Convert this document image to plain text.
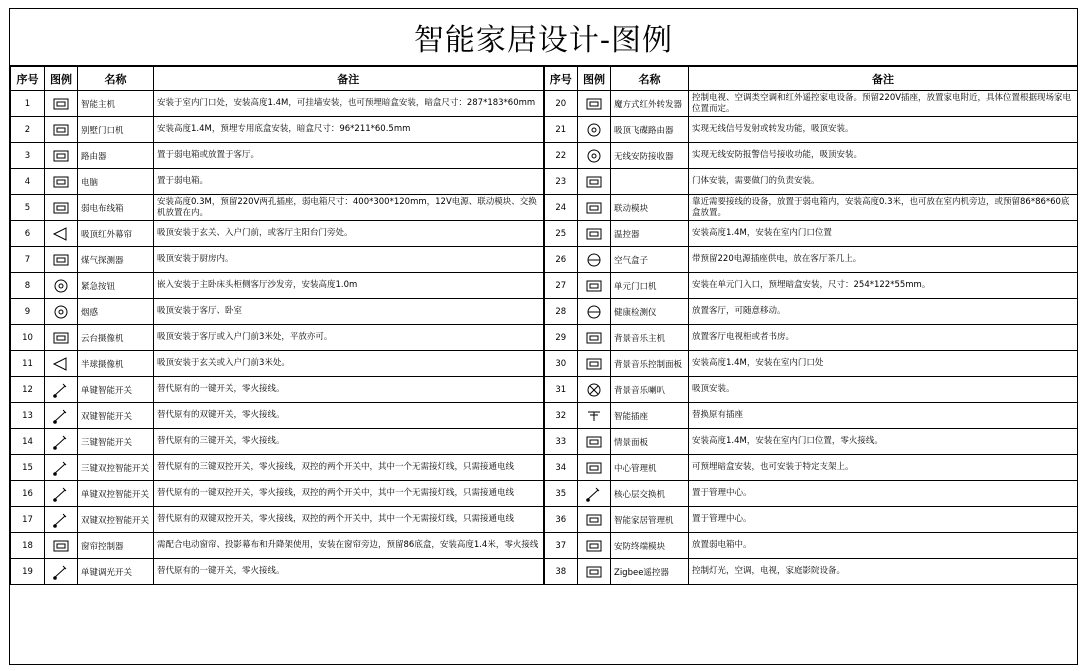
智能家居设计-图例
序号	图例	名称	备注	序号	图例	名称	备注
1		智能主机	安装于室内门口处，安装高度1.4M，可挂墙安装，也可预埋暗盒安装，暗盒尺寸：287*183*60mm	20		魔方式红外转发器	控制电视、空调类空调和红外遥控家电设备。预留220V插座，放置家电附近，具体位置根据现场家电位置而定。
2		别墅门口机	安装高度1.4M，预埋专用底盒安装，暗盒尺寸：96*211*60.5mm	21		吸顶飞碟路由器	实现无线信号发射或转发功能，吸顶安装。
3		路由器	置于弱电箱或放置于客厅。	22		无线安防接收器	实现无线安防报警信号接收功能，吸顶安装。
4		电脑	置于弱电箱。	23			门体安装，需要做门的负责安装。
5		弱电布线箱	安装高度0.3M，预留220V两孔插座，弱电箱尺寸：400*300*120mm，12V电源、联动模块、交换机放置在内。	24		联动模块	靠近需要接线的设备，放置于弱电箱内，安装高度0.3米，也可放在室内机旁边，或预留86*86*60底盒放置。
6		吸顶红外幕帘	吸顶安装于玄关、入户门前，或客厅主阳台门旁处。	25		温控器	安装高度1.4M，安装在室内门口位置
7		煤气探测器	吸顶安装于厨房内。	26		空气盒子	带预留220电源插座供电，放在客厅茶几上。
8		紧急按钮	嵌入安装于主卧床头柜侧客厅沙发旁，安装高度1.0m	27		单元门口机	安装在单元门入口，预埋暗盒安装，尺寸：254*122*55mm。
9		烟感	吸顶安装于客厅、卧室	28		健康检测仪	放置客厅，可随意移动。
10		云台摄像机	吸顶安装于客厅或入户门前3米处，平放亦可。	29		背景音乐主机	放置客厅电视柜或者书房。
11		半球摄像机	吸顶安装于玄关或入户门前3米处。	30		背景音乐控制面板	安装高度1.4M，安装在室内门口处
12		单键智能开关	替代原有的一键开关，零火接线。	31		背景音乐喇叭	吸顶安装。
13		双键智能开关	替代原有的双键开关，零火接线。	32		智能插座	替换原有插座
14		三键智能开关	替代原有的三键开关，零火接线。	33		情景面板	安装高度1.4M，安装在室内门口位置，零火接线。
15		三键双控智能开关	替代原有的三键双控开关，零火接线，双控的两个开关中，其中一个无需接灯线，只需接通电线	34		中心管理机	可预埋暗盒安装，也可安装于特定支架上。
16		单键双控智能开关	替代原有的一键双控开关，零火接线，双控的两个开关中，其中一个无需接灯线，只需接通电线	35		核心层交换机	置于管理中心。
17		双键双控智能开关	替代原有的双键双控开关，零火接线，双控的两个开关中，其中一个无需接灯线，只需接通电线	36		智能家居管理机	置于管理中心。
18		窗帘控制器	需配合电动窗帘、投影幕布和升降架使用，安装在窗帘旁边，预留86底盒，安装高度1.4米，零火接线	37		安防终端模块	放置弱电箱中。
19		单键调光开关	替代原有的一键开关，零火接线。	38		Zigbee遥控器	控制灯光，空调，电视，家庭影院设备。
